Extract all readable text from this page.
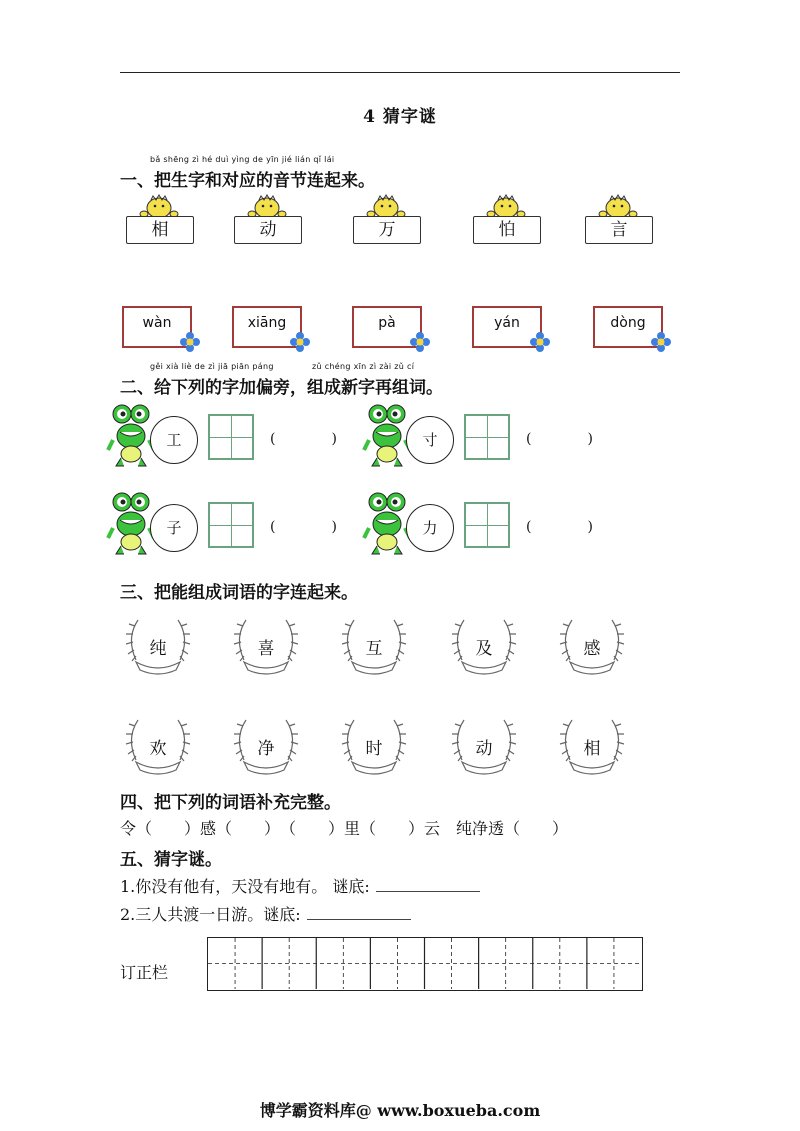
4 猜字谜
bǎ shēng zì hé duì yìng de yīn jié lián qǐ lái
一、把生字和对应的音节连起来。
gěi xià liè de zì jiā piān páng	zǔ chéng xīn zì zài zǔ cí
二、给下列的字加偏旁，组成新字再组词。
三、把能组成词语的字连起来。
四、把下列的词语补充完整。
令（　　）感（　　）　（　　）里（　　）云　纯净透（　　）
五、猜字谜。
1.你没有他有，天没有地有。 谜底:
2.三人共渡一日游。谜底:
订正栏
博学霸资料库@ www.boxueba.com
相	动	万	怕	言
wàn	xiāng	pà	yán	dòng
工	(　　　　)	寸	(　　　　)
子	(　　　　)	力	(　　　　)
纯	喜	互	及	感
欢	净	时	动	相
